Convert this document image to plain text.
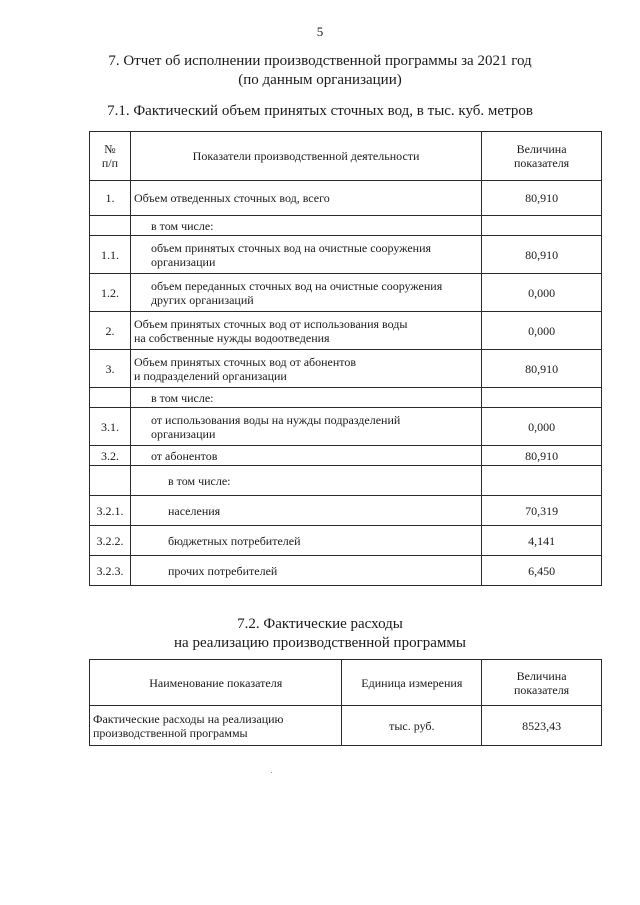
5
7. Отчет об исполнении производственной программы за 2021 год
(по данным организации)
7.1. Фактический объем принятых сточных вод, в тыс. куб. метров
№
п/п	Показатели производственной деятельности	Величина
показателя
1.	Объем отведенных сточных вод, всего	80,910
	в том числе:	
1.1.	объем принятых сточных вод на очистные сооружения
организации	80,910
1.2.	объем переданных сточных вод на очистные сооружения
других организаций	0,000
2.	Объем принятых сточных вод от использования воды
на собственные нужды водоотведения	0,000
3.	Объем принятых сточных вод от абонентов
и подразделений организации	80,910
	в том числе:	
3.1.	от использования воды на нужды подразделений
организации	0,000
3.2.	от абонентов	80,910
	в том числе:	
3.2.1.	населения	70,319
3.2.2.	бюджетных потребителей	4,141
3.2.3.	прочих потребителей	6,450
7.2. Фактические расходы
на реализацию производственной программы
Наименование показателя	Единица измерения	Величина
показателя
Фактические расходы на реализацию
производственной программы	тыс. руб.	8523,43
